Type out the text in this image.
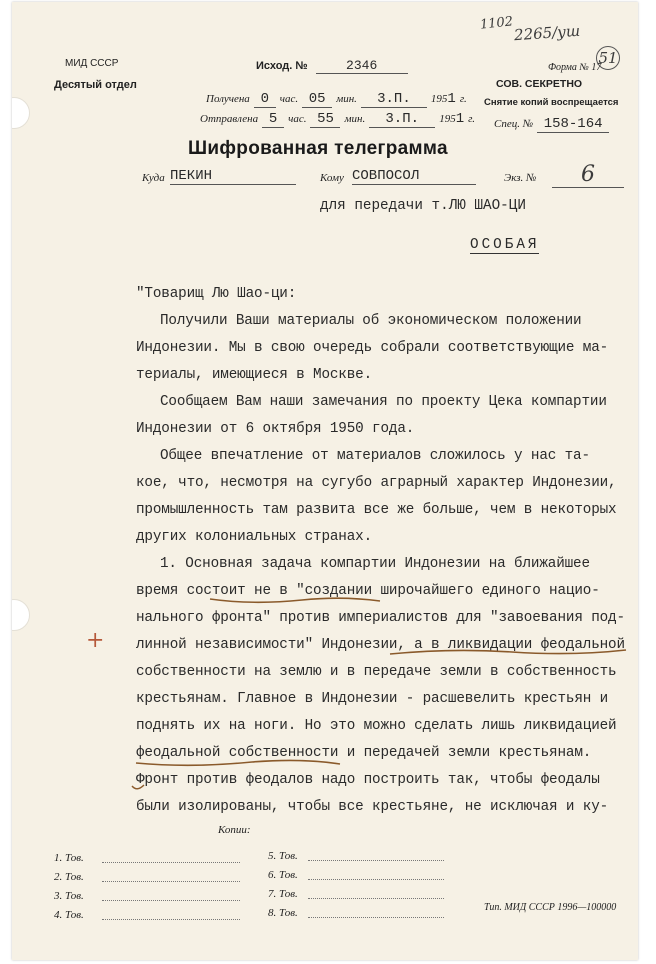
МИД СССР
Десятый отдел
Исход. №	2346
Получена 0 час. 05 мин. 3.П. 1951 г.
Отправлена 5 час. 55 мин. 3.П. 1951 г.
1102 2265/уш
51
Форма № 17
СОВ. СЕКРЕТНО
Снятие копий воспрещается
Спец. № 158-164
Шифрованная телеграмма
Куда ПЕКИН	Кому СОВПОСОЛ	Экз. №	6
для передачи т.ЛЮ ШАО-ЦИ
ОСОБАЯ
"Товарищ Лю Шао-ци:
Получили Ваши материалы об экономическом положении
Индонезии. Мы в свою очередь собрали соответствующие ма-
териалы, имеющиеся в Москве.
Сообщаем Вам наши замечания по проекту Цека компартии
Индонезии от 6 октября 1950 года.
Общее впечатление от материалов сложилось у нас та-
кое, что, несмотря на сугубо аграрный характер Индонезии,
промышленность там развита все же больше, чем в некоторых
других колониальных странах.
1. Основная задача компартии Индонезии на ближайшее
время состоит не в "создании широчайшего единого нацио-
нального фронта" против империалистов для "завоевания под-
линной независимости" Индонезии, а в ликвидации феодальной
собственности на землю и в передаче земли в собственность
крестьянам. Главное в Индонезии - расшевелить крестьян и
поднять их на ноги. Но это можно сделать лишь ликвидацией
феодальной собственности и передачей земли крестьянам.
Фронт против феодалов надо построить так, чтобы феодалы
были изолированы, чтобы все крестьяне, не исключая и ку-
+
Копии:
1. Тов.
2. Тов.
3. Тов.
4. Тов.
5. Тов.
6. Тов.
7. Тов.
8. Тов.	Тип. МИД СССР 1996—100000
